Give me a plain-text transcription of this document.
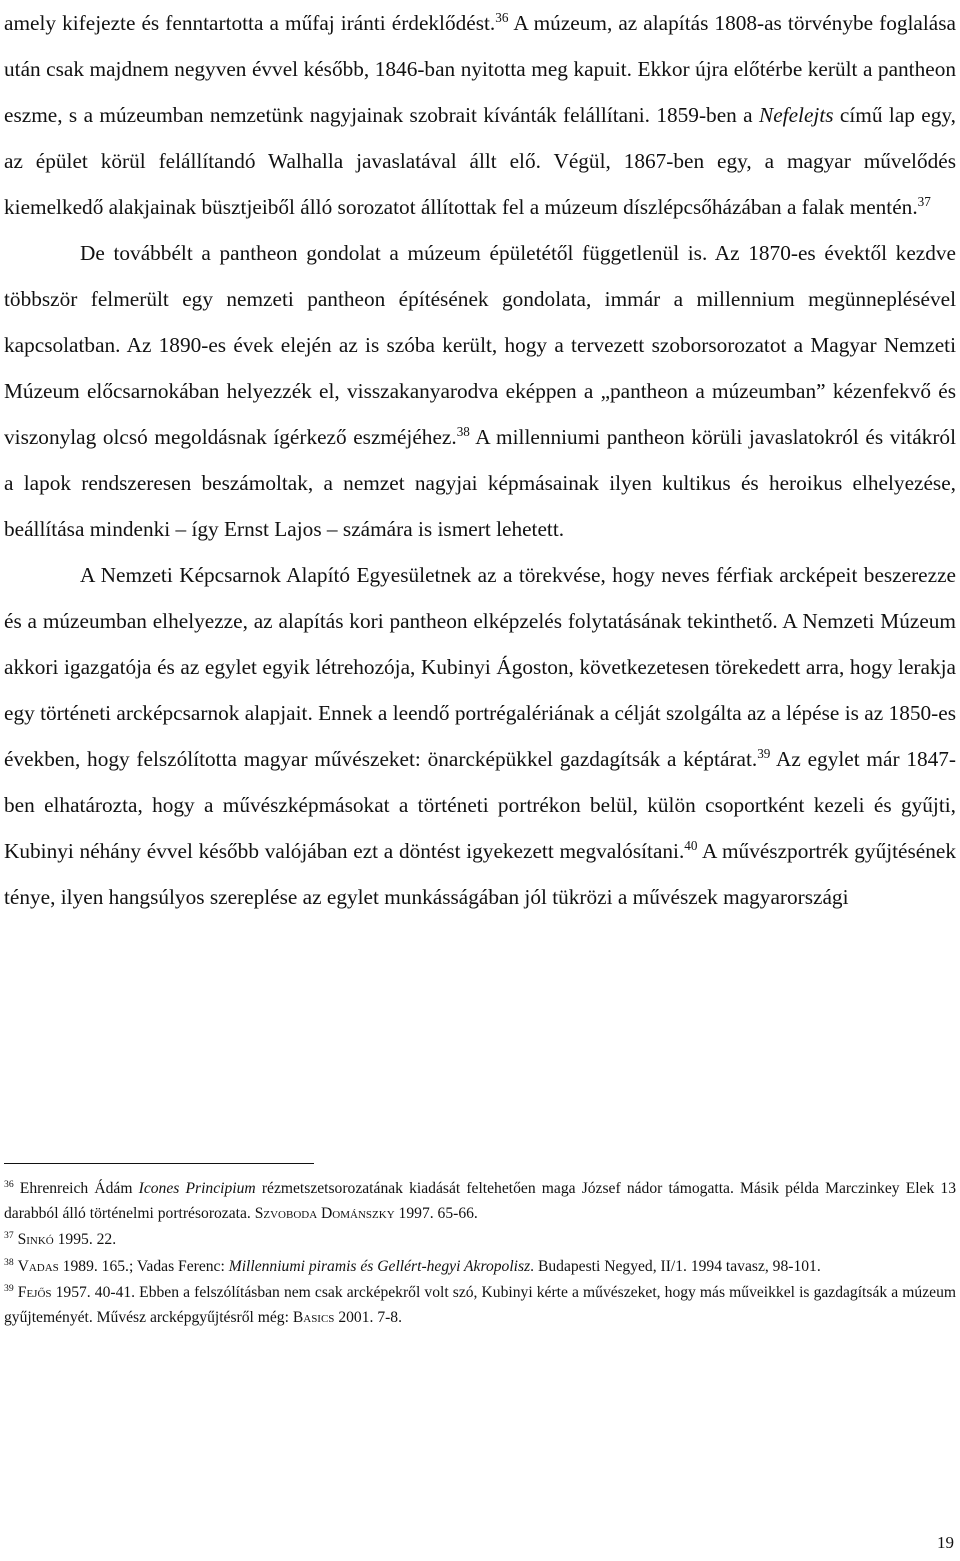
amely kifejezte és fenntartotta a műfaj iránti érdeklődést.$^{36}$ A múzeum, az alapítás 1808-as törvénybe foglalása után csak majdnem negyven évvel később, 1846-ban nyitotta meg kapuit. Ekkor újra előtérbe került a pantheon eszme, s a múzeumban nemzetünk nagyjainak szobrait kívánták felállítani. 1859-ben a Nefelejts című lap egy, az épület körül felállítandó Walhalla javaslatával állt elő. Végül, 1867-ben egy, a magyar művelődés kiemelkedő alakjainak büsztjeiből álló sorozatot állítottak fel a múzeum díszlépcsőházában a falak mentén.$^{37}$

De továbbélt a pantheon gondolat a múzeum épületétől függetlenül is. Az 1870-es évektől kezdve többször felmerült egy nemzeti pantheon építésének gondolata, immár a millennium megünneplésével kapcsolatban. Az 1890-es évek elején az is szóba került, hogy a tervezett szoborsorozatot a Magyar Nemzeti Múzeum előcsarnokában helyezzék el, visszakanyarodva eképpen a „pantheon a múzeumban” kézenfekvő és viszonylag olcsó megoldásnak ígérkező eszméjéhez.$^{38}$ A millenniumi pantheon körüli javaslatokról és vitákról a lapok rendszeresen beszámoltak, a nemzet nagyjai képmásainak ilyen kultikus és heroikus elhelyezése, beállítása mindenki – így Ernst Lajos – számára is ismert lehetett.

A Nemzeti Képcsarnok Alapító Egyesületnek az a törekvése, hogy neves férfiak arcképeit beszerezze és a múzeumban elhelyezze, az alapítás kori pantheon elképzelés folytatásának tekinthető. A Nemzeti Múzeum akkori igazgatója és az egylet egyik létrehozója, Kubinyi Ágoston, következetesen törekedett arra, hogy lerakja egy történeti arcképcsarnok alapjait. Ennek a leendő portrégalériának a célját szolgálta az a lépése is az 1850-es években, hogy felszólította magyar művészeket: önarcképükkel gazdagítsák a képtárat.$^{39}$ Az egylet már 1847-ben elhatározta, hogy a művészképmásokat a történeti portrékon belül, külön csoportként kezeli és gyűjti, Kubinyi néhány évvel később valójában ezt a döntést igyekezett megvalósítani.$^{40}$ A művészportrék gyűjtésének ténye, ilyen hangsúlyos szereplése az egylet munkásságában jól tükrözi a művészek magyarországi

$^{36}$ Ehrenreich Ádám Icones Principium rézmetszetsorozatának kiadását feltehetően maga József nádor támogatta. Másik példa Marczinkey Elek 13 darabból álló történelmi portrésorozata. Szvoboda Dománszky 1997. 65-66.

$^{37}$ Sinkó 1995. 22.

$^{38}$ Vadas 1989. 165.; Vadas Ferenc: Millenniumi piramis és Gellért-hegyi Akropolisz. Budapesti Negyed, II/1. 1994 tavasz, 98-101.

$^{39}$ Fejős 1957. 40-41. Ebben a felszólításban nem csak arcképekről volt szó, Kubinyi kérte a művészeket, hogy más műveikkel is gazdagítsák a múzeum gyűjteményét. Művész arcképgyűjtésről még: Basics 2001. 7-8.

19
